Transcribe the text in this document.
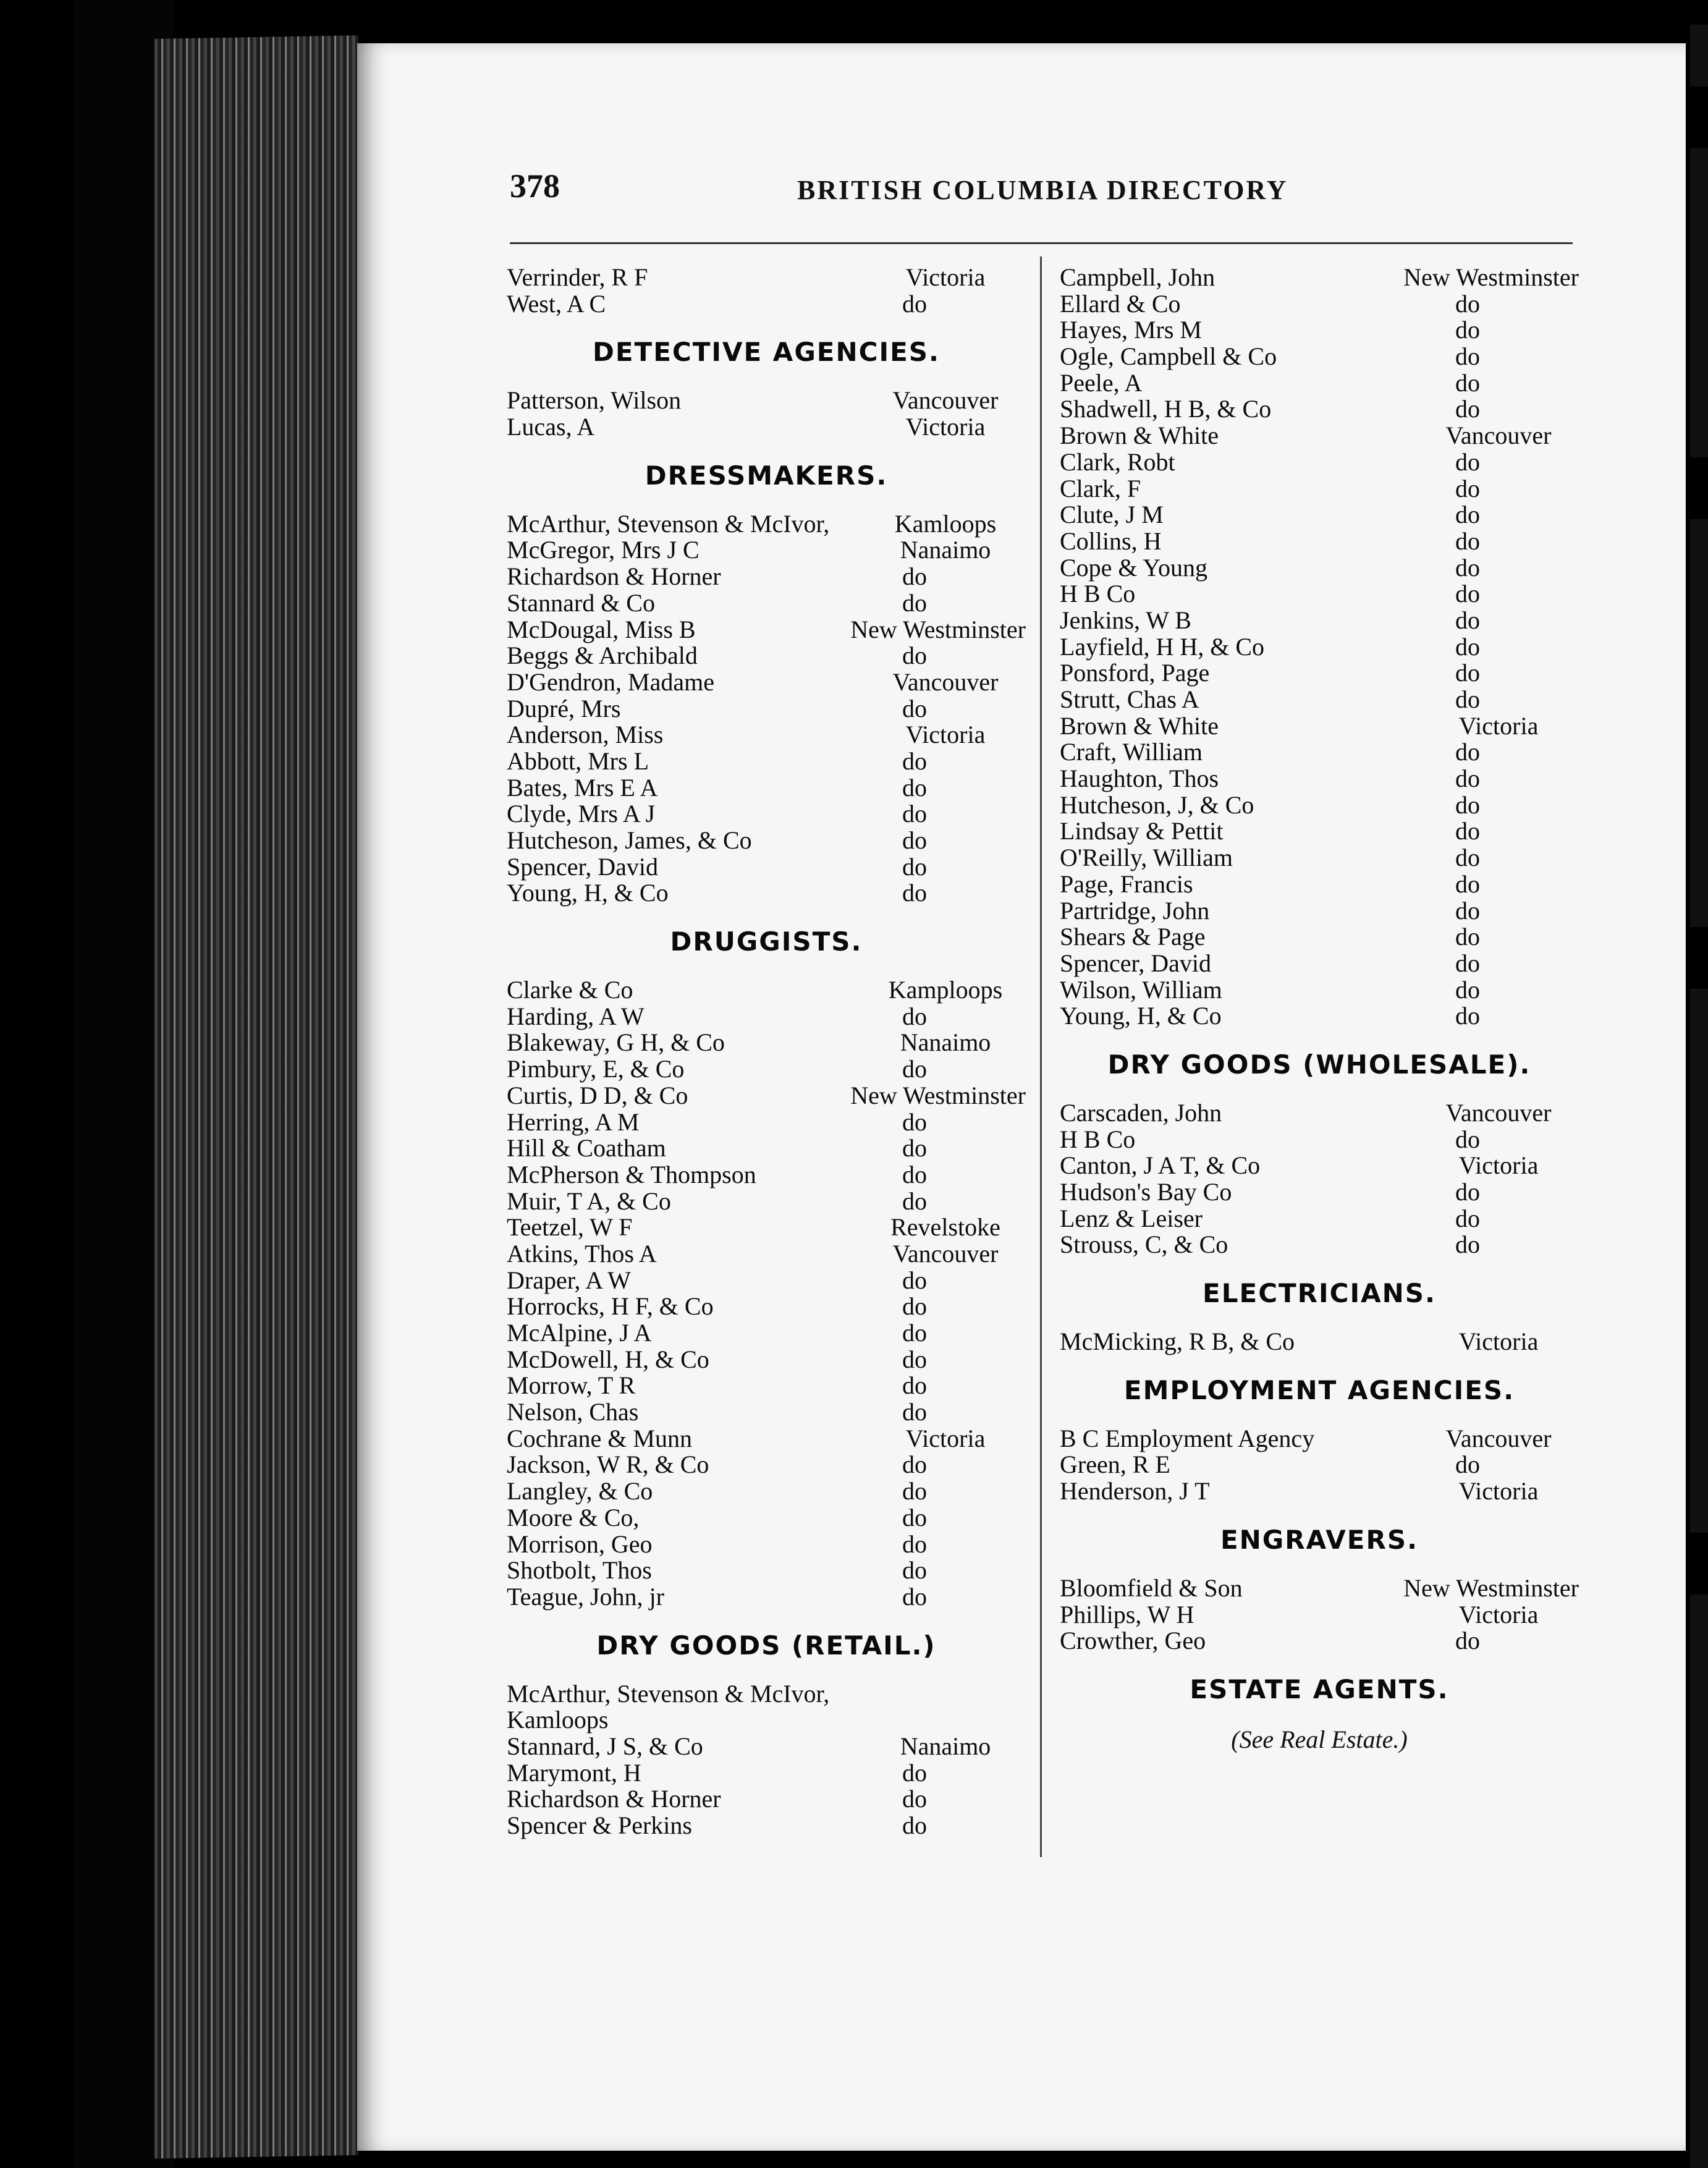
378	BRITISH COLUMBIA DIRECTORY
Verrinder, R F	Victoria
West, A C	do
DETECTIVE AGENCIES.
Patterson, Wilson	Vancouver
Lucas, A	Victoria
DRESSMAKERS.
McArthur, Stevenson & McIvor,	Kamloops
McGregor, Mrs J C	Nanaimo
Richardson & Horner	do
Stannard & Co	do
McDougal, Miss B	New Westminster
Beggs & Archibald	do
D'Gendron, Madame	Vancouver
Dupré, Mrs	do
Anderson, Miss	Victoria
Abbott, Mrs L	do
Bates, Mrs E A	do
Clyde, Mrs A J	do
Hutcheson, James, & Co	do
Spencer, David	do
Young, H, & Co	do
DRUGGISTS.
Clarke & Co	Kamploops
Harding, A W	do
Blakeway, G H, & Co	Nanaimo
Pimbury, E, & Co	do
Curtis, D D, & Co	New Westminster
Herring, A M	do
Hill & Coatham	do
McPherson & Thompson	do
Muir, T A, & Co	do
Teetzel, W F	Revelstoke
Atkins, Thos A	Vancouver
Draper, A W	do
Horrocks, H F, & Co	do
McAlpine, J A	do
McDowell, H, & Co	do
Morrow, T R	do
Nelson, Chas	do
Cochrane & Munn	Victoria
Jackson, W R, & Co	do
Langley, & Co	do
Moore & Co,	do
Morrison, Geo	do
Shotbolt, Thos	do
Teague, John, jr	do
DRY GOODS (RETAIL.)
McArthur, Stevenson & McIvor,
Kamloops
Stannard, J S, & Co	Nanaimo
Marymont, H	do
Richardson & Horner	do
Spencer & Perkins	do
Campbell, John	New Westminster
Ellard & Co	do
Hayes, Mrs M	do
Ogle, Campbell & Co	do
Peele, A	do
Shadwell, H B, & Co	do
Brown & White	Vancouver
Clark, Robt	do
Clark, F	do
Clute, J M	do
Collins, H	do
Cope & Young	do
H B Co	do
Jenkins, W B	do
Layfield, H H, & Co	do
Ponsford, Page	do
Strutt, Chas A	do
Brown & White	Victoria
Craft, William	do
Haughton, Thos	do
Hutcheson, J, & Co	do
Lindsay & Pettit	do
O'Reilly, William	do
Page, Francis	do
Partridge, John	do
Shears & Page	do
Spencer, David	do
Wilson, William	do
Young, H, & Co	do
DRY GOODS (WHOLESALE).
Carscaden, John	Vancouver
H B Co	do
Canton, J A T, & Co	Victoria
Hudson's Bay Co	do
Lenz & Leiser	do
Strouss, C, & Co	do
ELECTRICIANS.
McMicking, R B, & Co	Victoria
EMPLOYMENT AGENCIES.
B C Employment Agency	Vancouver
Green, R E	do
Henderson, J T	Victoria
ENGRAVERS.
Bloomfield & Son	New Westminster
Phillips, W H	Victoria
Crowther, Geo	do
ESTATE AGENTS.
(See Real Estate.)
